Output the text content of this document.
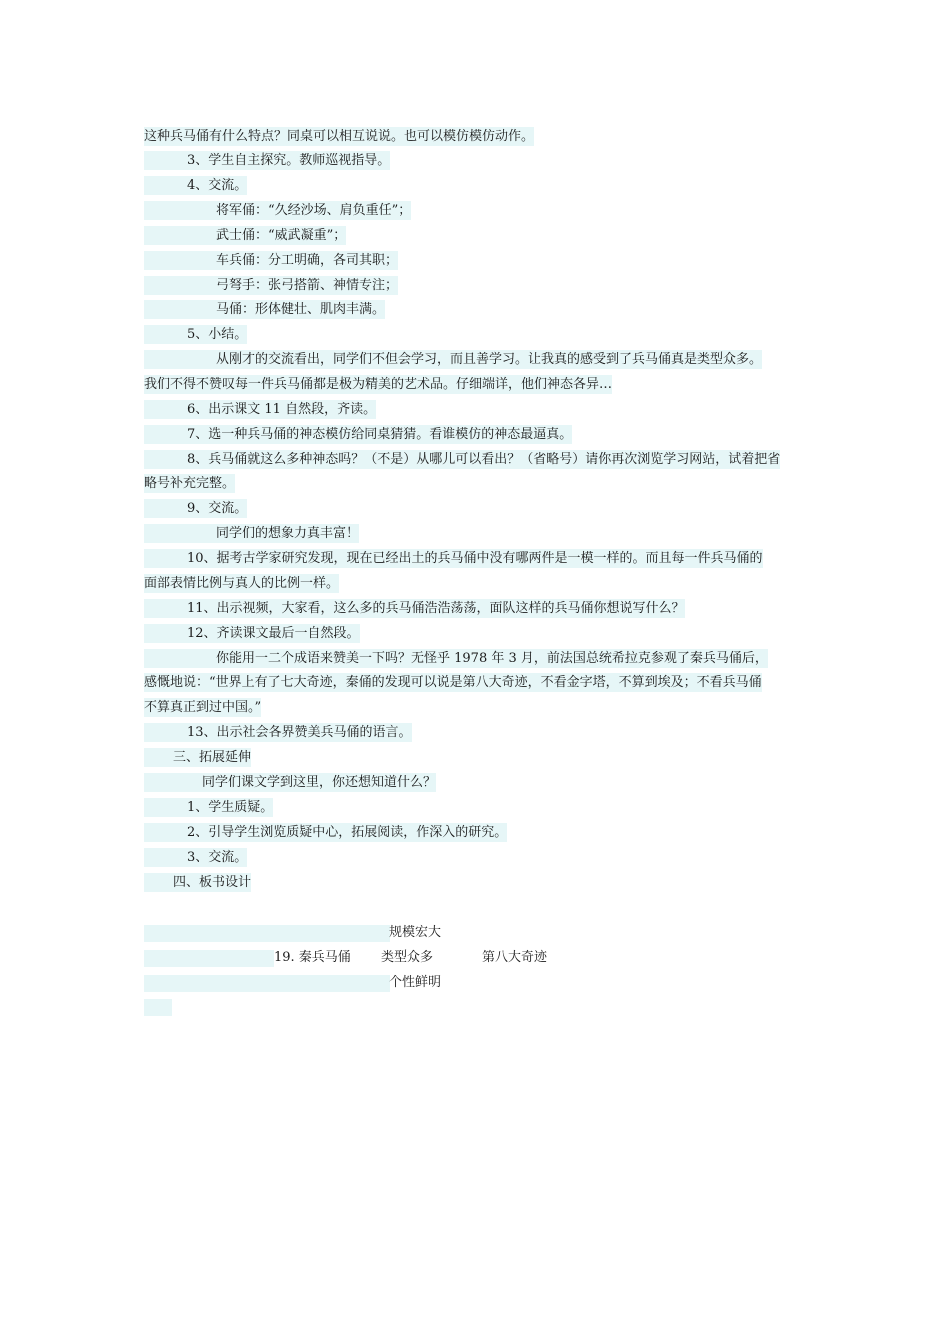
这种兵马俑有什么特点？同桌可以相互说说。也可以模仿模仿动作。
3、学生自主探究。教师巡视指导。
4、交流。
将军俑：“久经沙场、肩负重任”；
武士俑：“威武凝重”；
车兵俑：分工明确，各司其职；
弓弩手：张弓搭箭、神情专注；
马俑：形体健壮、肌肉丰满。
5、小结。
从刚才的交流看出，同学们不但会学习，而且善学习。让我真的感受到了兵马俑真是类型众多。
我们不得不赞叹每一件兵马俑都是极为精美的艺术品。仔细端详，他们神态各异…
6、出示课文 11 自然段，齐读。
7、选一种兵马俑的神态模仿给同桌猜猜。看谁模仿的神态最逼真。
8、兵马俑就这么多种神态吗？（不是）从哪儿可以看出？（省略号）请你再次浏览学习网站，试着把省
略号补充完整。
9、交流。
同学们的想象力真丰富！
10、据考古学家研究发现，现在已经出土的兵马俑中没有哪两件是一模一样的。而且每一件兵马俑的
面部表情比例与真人的比例一样。
11、出示视频，大家看，这么多的兵马俑浩浩荡荡，面队这样的兵马俑你想说写什么？
12、齐读课文最后一自然段。
你能用一二个成语来赞美一下吗？无怪乎 1978 年 3 月，前法国总统希拉克参观了秦兵马俑后，
感慨地说：“世界上有了七大奇迹，秦俑的发现可以说是第八大奇迹，不看金字塔，不算到埃及；不看兵马俑
不算真正到过中国。”
13、出示社会各界赞美兵马俑的语言。
三、拓展延伸
同学们课文学到这里，你还想知道什么？
1、学生质疑。
2、引导学生浏览质疑中心，拓展阅读，作深入的研究。
3、交流。
四、板书设计
规模宏大
19. 秦兵马俑 类型众多	第八大奇迹
个性鲜明
